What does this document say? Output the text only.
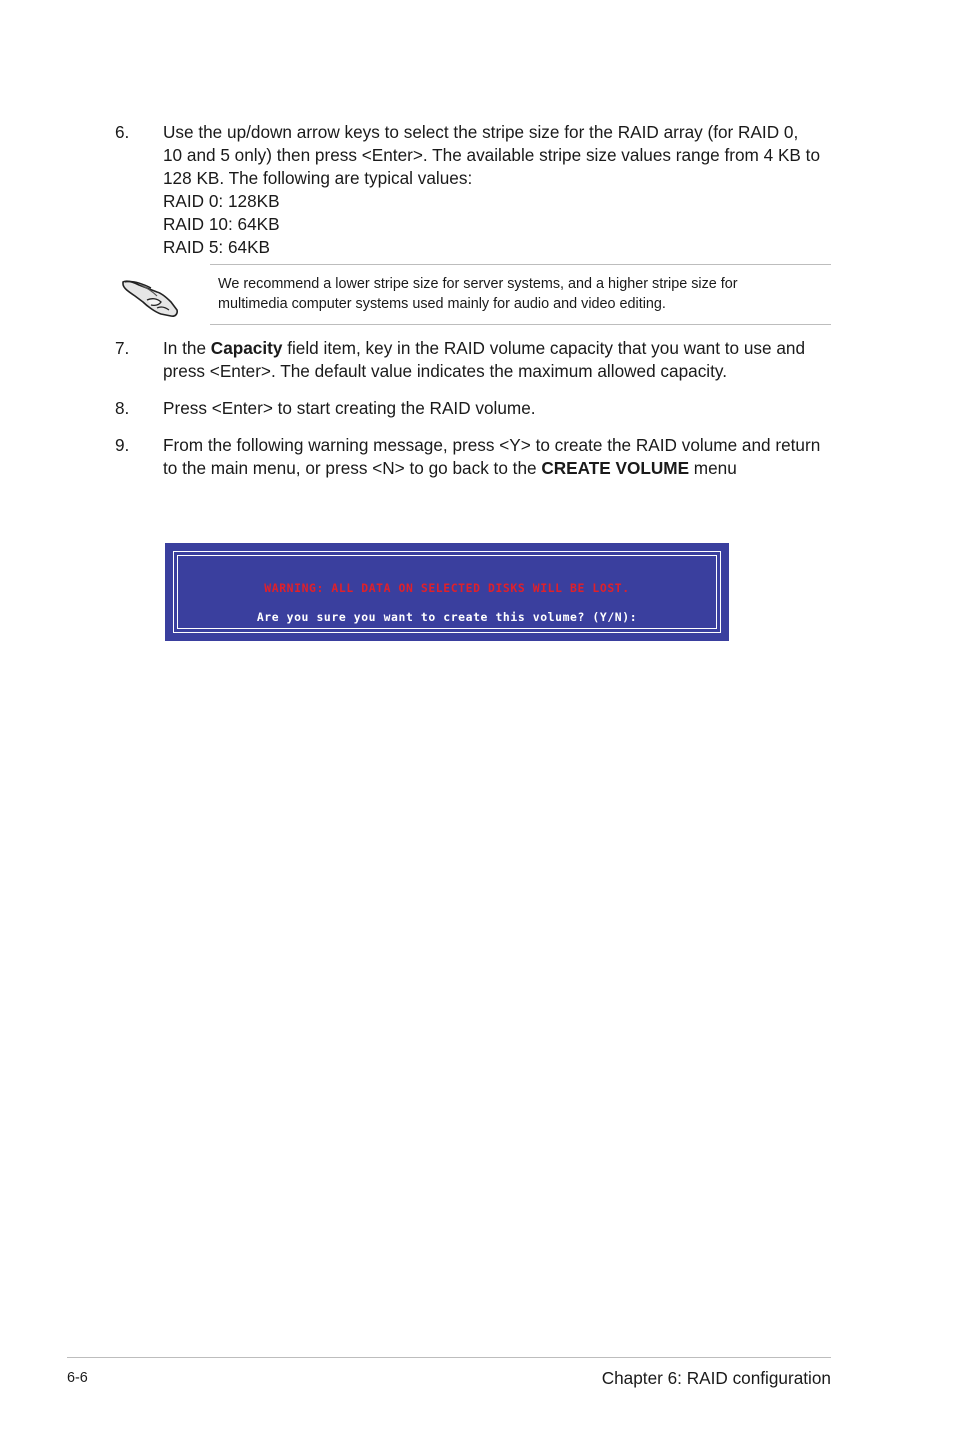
6. Use the up/down arrow keys to select the stripe size for the RAID array (for RAID 0,
10 and 5 only) then press <Enter>. The available stripe size values range from 4 KB to
128 KB. The following are typical values:
RAID 0: 128KB
RAID 10: 64KB
RAID 5: 64KB
We recommend a lower stripe size for server systems, and a higher stripe size for
multimedia computer systems used mainly for audio and video editing.
7. In the Capacity field item, key in the RAID volume capacity that you want to use and
press <Enter>. The default value indicates the maximum allowed capacity.
8. Press <Enter> to start creating the RAID volume.
9. From the following warning message, press <Y> to create the RAID volume and return
to the main menu, or press <N> to go back to the CREATE VOLUME menu
WARNING: ALL DATA ON SELECTED DISKS WILL BE LOST.
Are you sure you want to create this volume? (Y/N):
6-6	Chapter 6: RAID configuration
